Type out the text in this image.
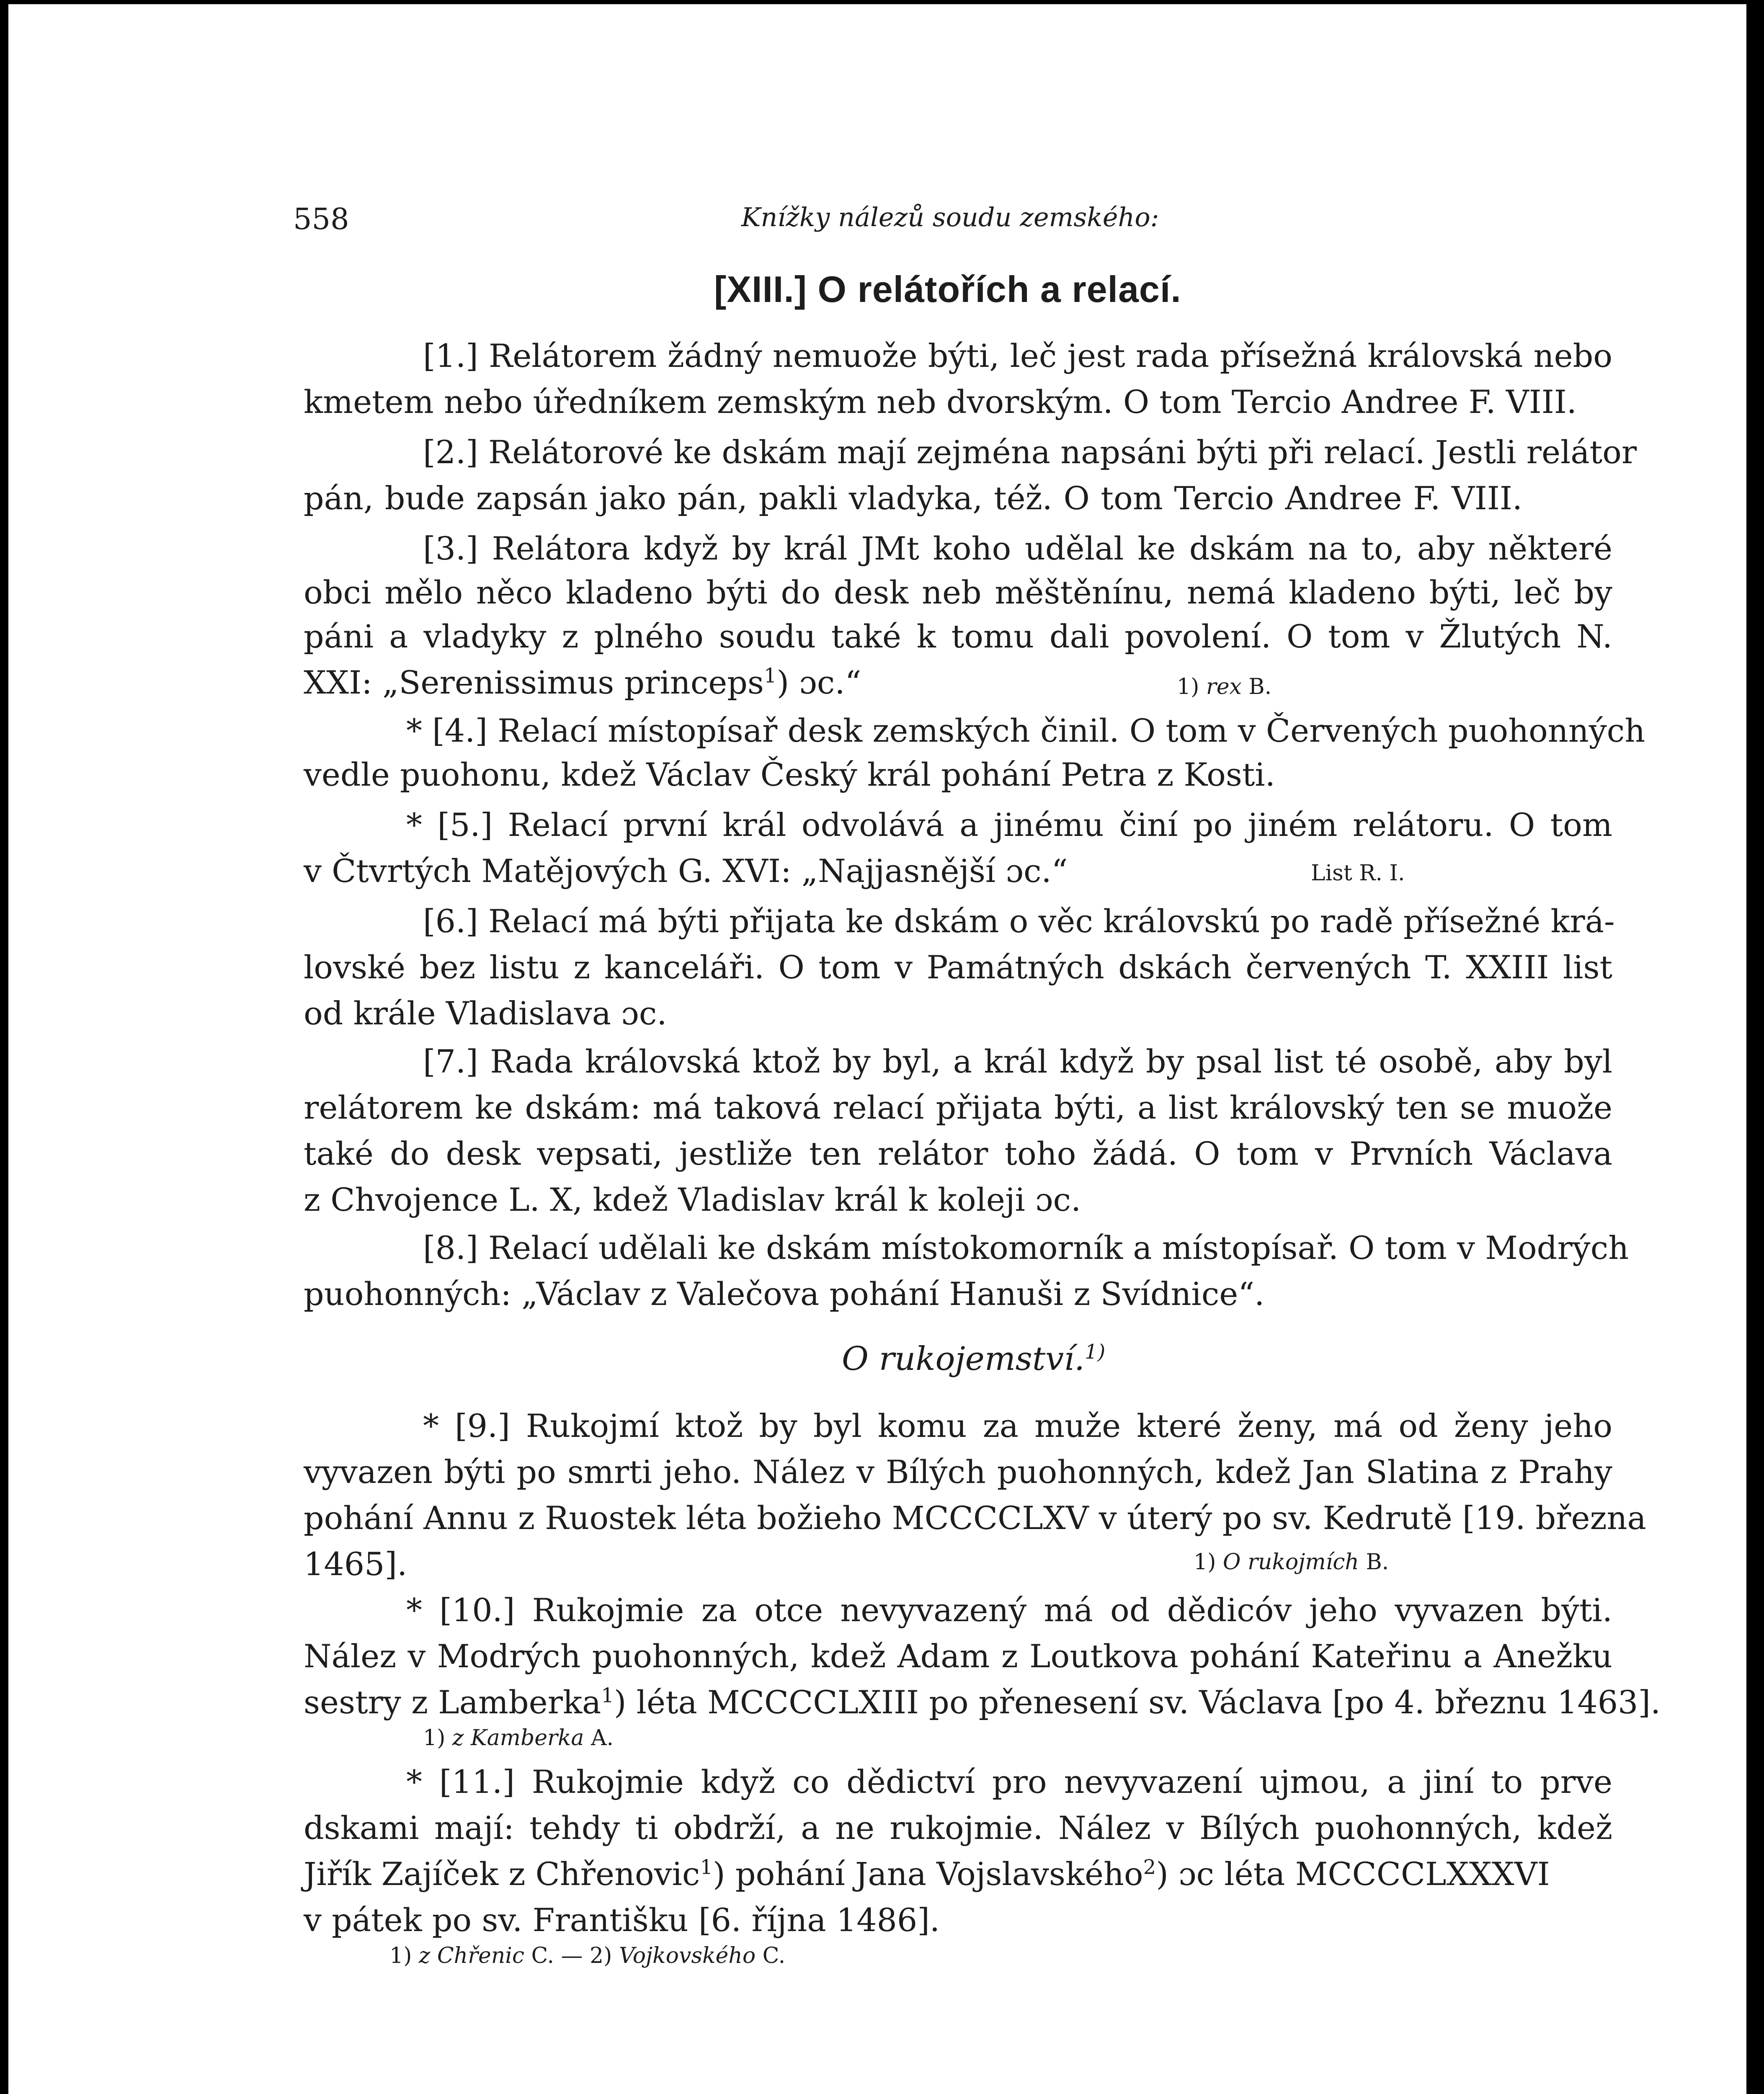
558	Knížky nálezů soudu zemského:
[XIII.] O relátořích a relací.
[1.] Relátorem žádný nemuože býti, leč jest rada přísežná královská nebo
kmetem nebo úředníkem zemským neb dvorským. O tom Tercio Andree F. VIII.
[2.] Relátorové ke dskám mají zejména napsáni býti při relací. Jestli relátor
pán, bude zapsán jako pán, pakli vladyka, též. O tom Tercio Andree F. VIII.
[3.] Relátora když by král JMt koho udělal ke dskám na to, aby některé
obci mělo něco kladeno býti do desk neb měštěnínu, nemá kladeno býti, leč by
páni a vladyky z plného soudu také k tomu dali povolení. O tom v Žlutých N.
XXI: „Serenissimus princeps$^1$) ɔc.“	1) rex B.
* [4.] Relací místopísař desk zemských činil. O tom v Červených puohonných
vedle puohonu, kdež Václav Český král pohání Petra z Kosti.
* [5.] Relací první král odvolává a jinému činí po jiném relátoru. O tom
v Čtvrtých Matějových G. XVI: „Najjasnější ɔc.“	List R. I.
[6.] Relací má býti přijata ke dskám o věc královskú po radě přísežné krá-
lovské bez listu z kanceláři. O tom v Památných dskách červených T. XXIII list
od krále Vladislava ɔc.
[7.] Rada královská ktož by byl, a král když by psal list té osobě, aby byl
relátorem ke dskám: má taková relací přijata býti, a list královský ten se muože
také do desk vepsati, jestliže ten relátor toho žádá. O tom v Prvních Václava
z Chvojence L. X, kdež Vladislav král k koleji ɔc.
[8.] Relací udělali ke dskám místokomorník a místopísař. O tom v Modrých
puohonných: „Václav z Valečova pohání Hanuši z Svídnice“.
O rukojemství.$^{1)}$
* [9.] Rukojmí ktož by byl komu za muže které ženy, má od ženy jeho
vyvazen býti po smrti jeho. Nález v Bílých puohonných, kdež Jan Slatina z Prahy
pohání Annu z Ruostek léta božieho MCCCCLXV v úterý po sv. Kedrutě [19. března
1465].	1) O rukojmích B.
* [10.] Rukojmie za otce nevyvazený má od dědicóv jeho vyvazen býti.
Nález v Modrých puohonných, kdež Adam z Loutkova pohání Kateřinu a Anežku
sestry z Lamberka$^1$) léta MCCCCLXIII po přenesení sv. Václava [po 4. březnu 1463].
1) z Kamberka A.
* [11.] Rukojmie když co dědictví pro nevyvazení ujmou, a jiní to prve
dskami mají: tehdy ti obdrží, a ne rukojmie. Nález v Bílých puohonných, kdež
Jiřík Zajíček z Chřenovic$^1$) pohání Jana Vojslavského$^2$) ɔc léta MCCCCLXXXVI
v pátek po sv. Františku [6. října 1486].
1) z Chřenic C. — 2) Vojkovského C.
